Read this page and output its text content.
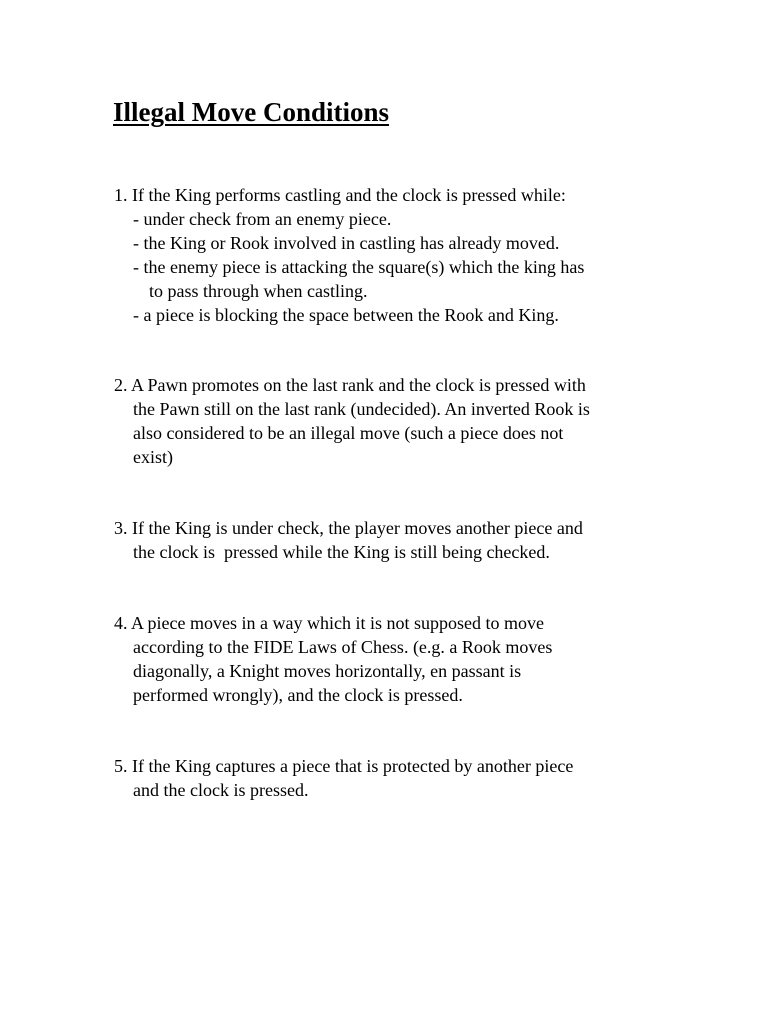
Illegal Move Conditions
1. If the King performs castling and the clock is pressed while:
- under check from an enemy piece.
- the King or Rook involved in castling has already moved.
- the enemy piece is attacking the square(s) which the king has
to pass through when castling.
- a piece is blocking the space between the Rook and King.
2. A Pawn promotes on the last rank and the clock is pressed with
the Pawn still on the last rank (undecided). An inverted Rook is
also considered to be an illegal move (such a piece does not
exist)
3. If the King is under check, the player moves another piece and
the clock is  pressed while the King is still being checked.
4. A piece moves in a way which it is not supposed to move
according to the FIDE Laws of Chess. (e.g. a Rook moves
diagonally, a Knight moves horizontally, en passant is
performed wrongly), and the clock is pressed.
5. If the King captures a piece that is protected by another piece
and the clock is pressed.
